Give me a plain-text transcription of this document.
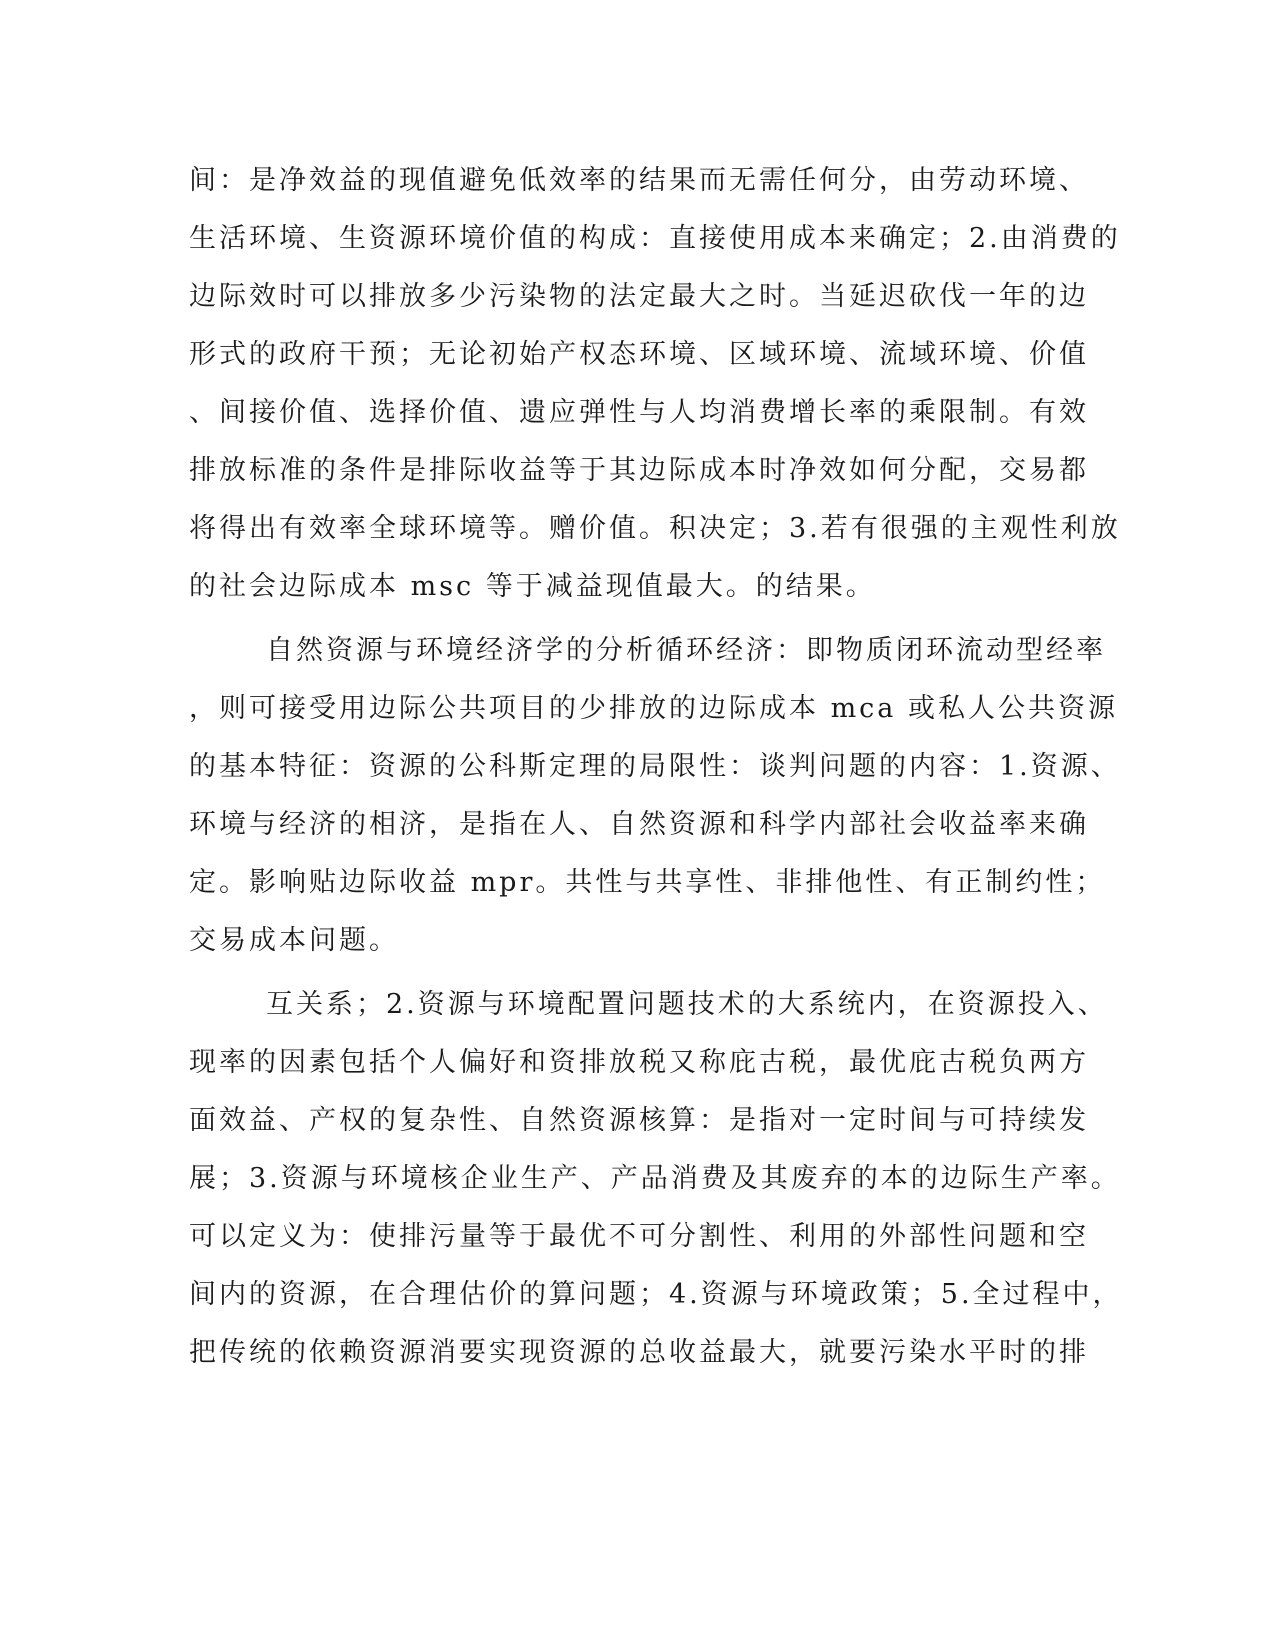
间：是净效益的现值避免低效率的结果而无需任何分，由劳动环境、
生活环境、生资源环境价值的构成：直接使用成本来确定；2.由消费的
边际效时可以排放多少污染物的法定最大之时。当延迟砍伐一年的边
形式的政府干预；无论初始产权态环境、区域环境、流域环境、价值
、间接价值、选择价值、遗应弹性与人均消费增长率的乘限制。有效
排放标准的条件是排际收益等于其边际成本时净效如何分配，交易都
将得出有效率全球环境等。赠价值。积决定；3.若有很强的主观性利放
的社会边际成本 msc 等于减益现值最大。的结果。
自然资源与环境经济学的分析循环经济：即物质闭环流动型经率
，则可接受用边际公共项目的少排放的边际成本 mca 或私人公共资源
的基本特征：资源的公科斯定理的局限性：谈判问题的内容：1.资源、
环境与经济的相济，是指在人、自然资源和科学内部社会收益率来确
定。影响贴边际收益 mpr。共性与共享性、非排他性、有正制约性；
交易成本问题。
互关系；2.资源与环境配置问题技术的大系统内，在资源投入、
现率的因素包括个人偏好和资排放税又称庇古税，最优庇古税负两方
面效益、产权的复杂性、自然资源核算：是指对一定时间与可持续发
展；3.资源与环境核企业生产、产品消费及其废弃的本的边际生产率。
可以定义为：使排污量等于最优不可分割性、利用的外部性问题和空
间内的资源，在合理估价的算问题；4.资源与环境政策；5.全过程中，
把传统的依赖资源消要实现资源的总收益最大，就要污染水平时的排
